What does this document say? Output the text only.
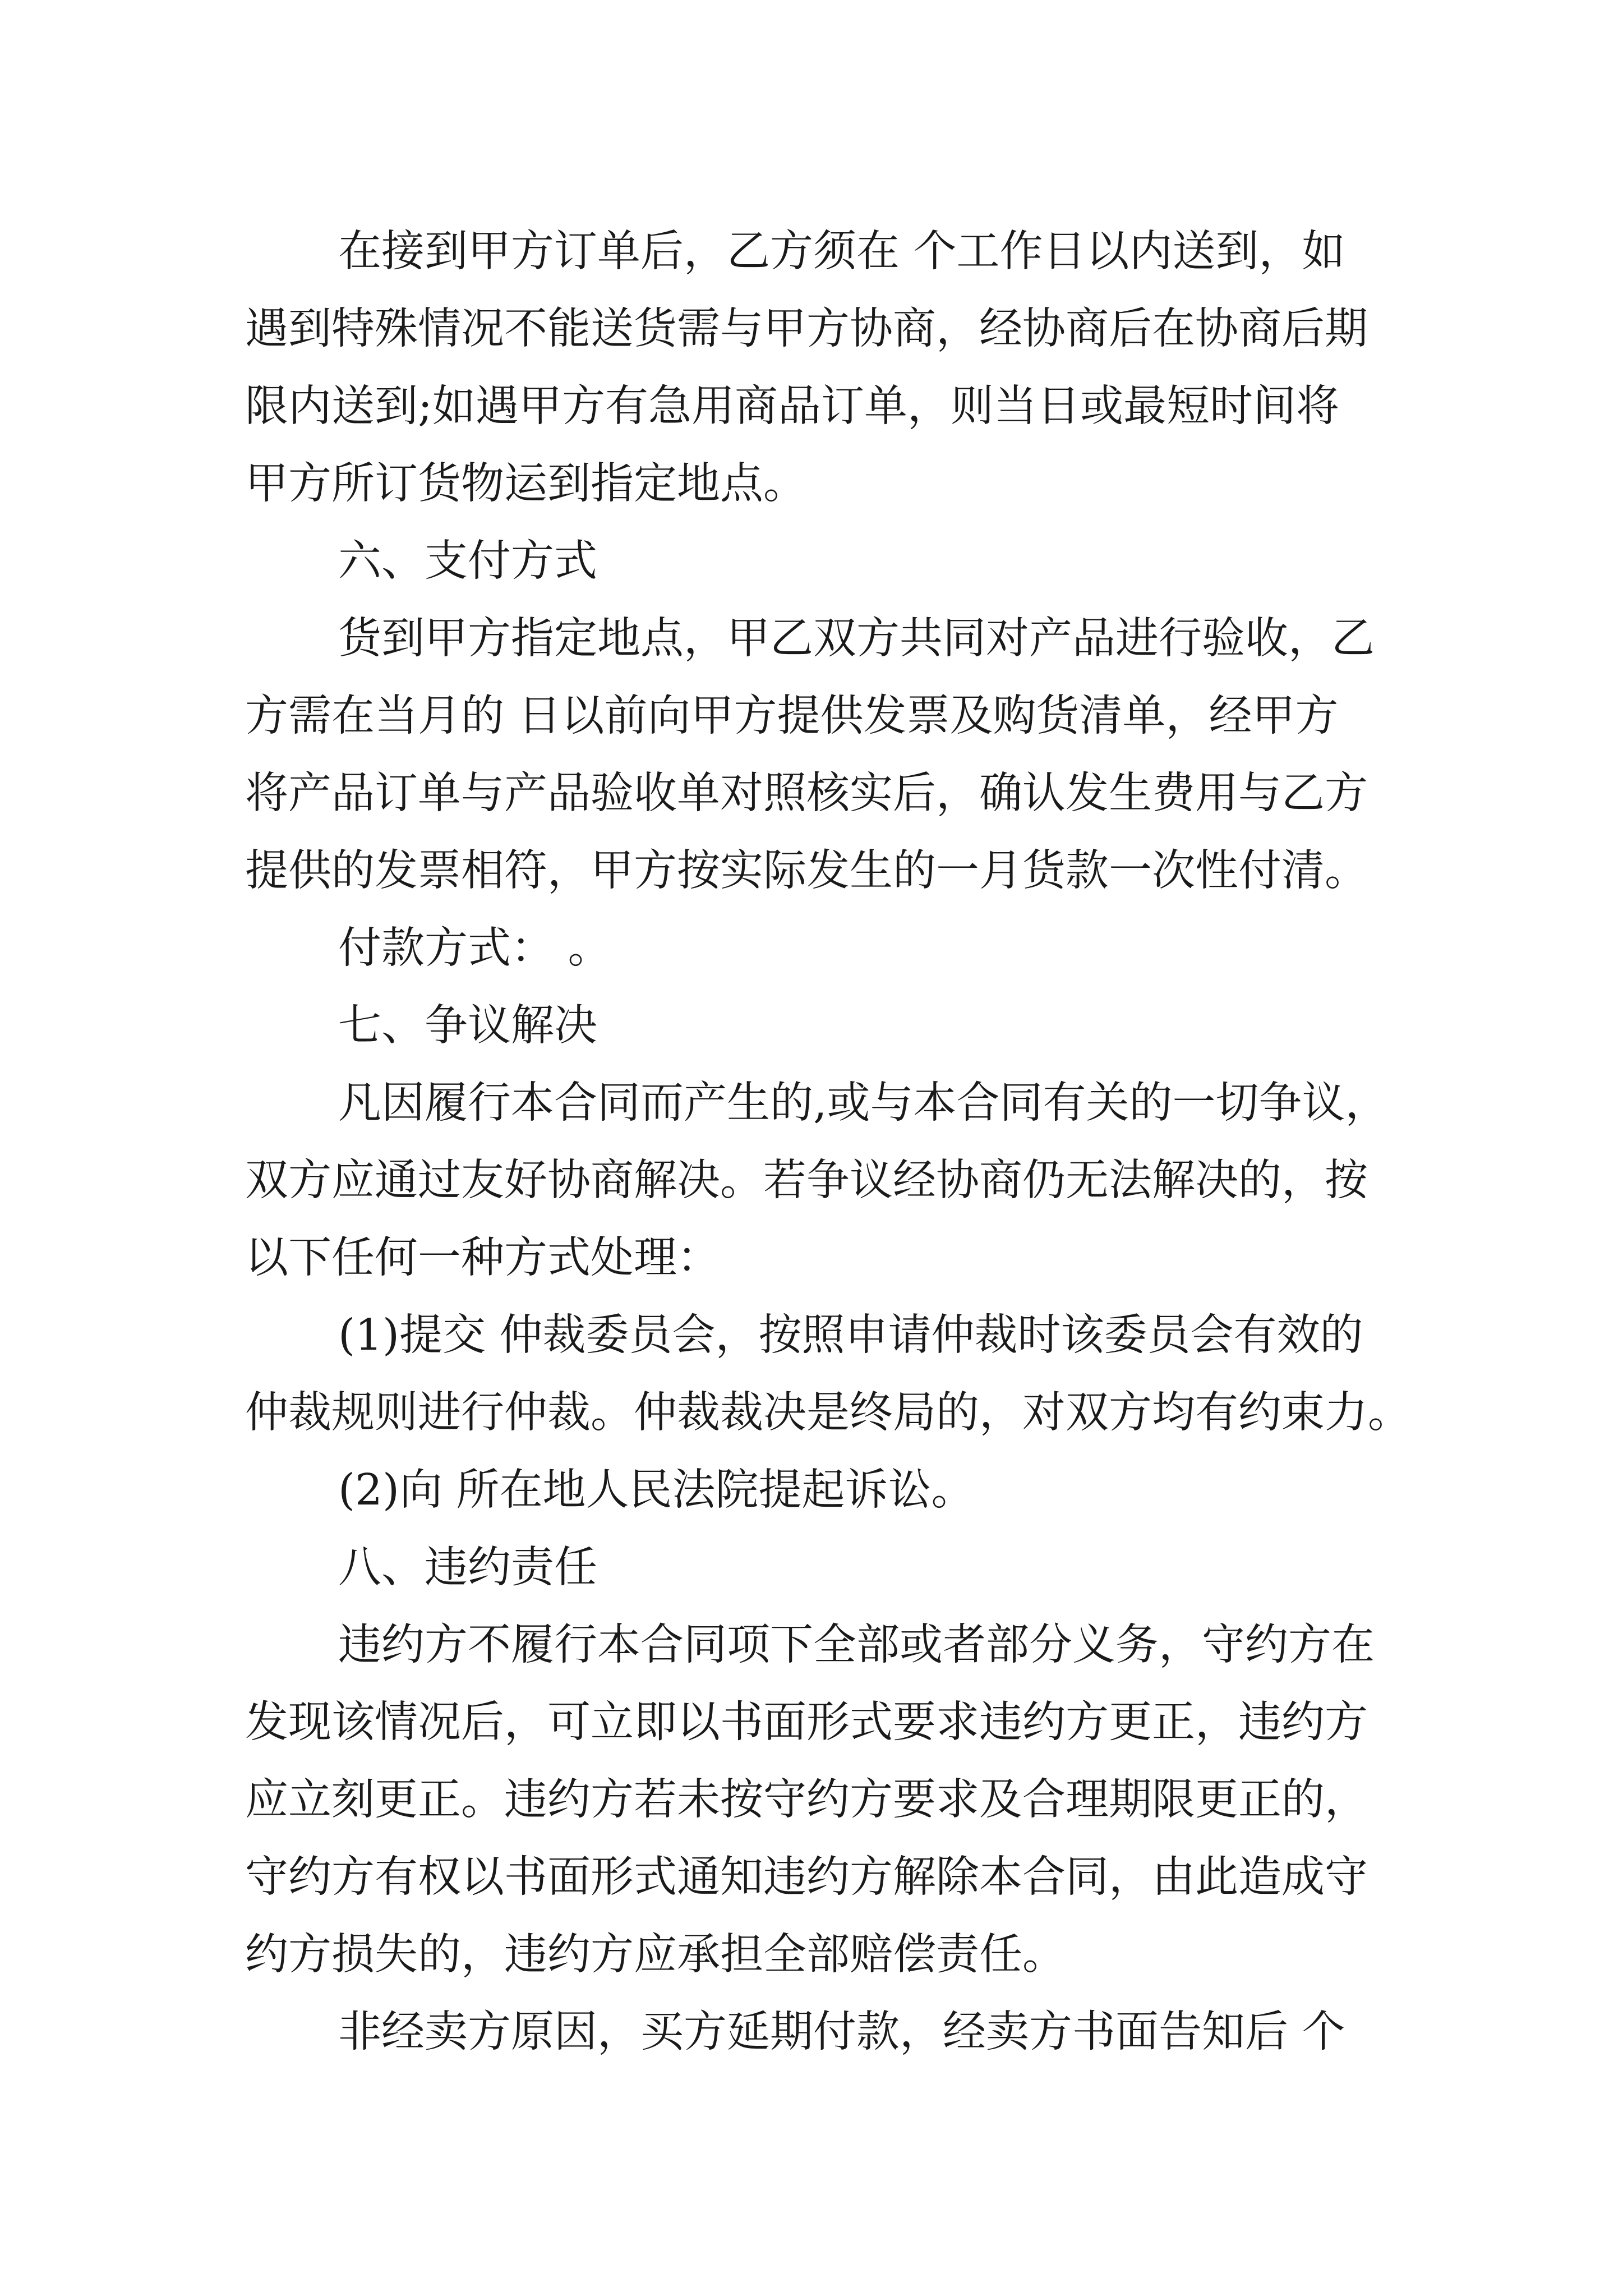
在接到甲方订单后，乙方须在 个工作日以内送到，如
遇到特殊情况不能送货需与甲方协商，经协商后在协商后期
限内送到;如遇甲方有急用商品订单，则当日或最短时间将
甲方所订货物运到指定地点。
六、支付方式
货到甲方指定地点，甲乙双方共同对产品进行验收，乙
方需在当月的 日以前向甲方提供发票及购货清单，经甲方
将产品订单与产品验收单对照核实后，确认发生费用与乙方
提供的发票相符，甲方按实际发生的一月货款一次性付清。
付款方式： 。
七、争议解决
凡因履行本合同而产生的,或与本合同有关的一切争议，
双方应通过友好协商解决。若争议经协商仍无法解决的，按
以下任何一种方式处理：
(1)提交 仲裁委员会，按照申请仲裁时该委员会有效的
仲裁规则进行仲裁。仲裁裁决是终局的，对双方均有约束力。
(2)向 所在地人民法院提起诉讼。
八、违约责任
违约方不履行本合同项下全部或者部分义务，守约方在
发现该情况后，可立即以书面形式要求违约方更正，违约方
应立刻更正。违约方若未按守约方要求及合理期限更正的，
守约方有权以书面形式通知违约方解除本合同，由此造成守
约方损失的，违约方应承担全部赔偿责任。
非经卖方原因，买方延期付款，经卖方书面告知后 个
